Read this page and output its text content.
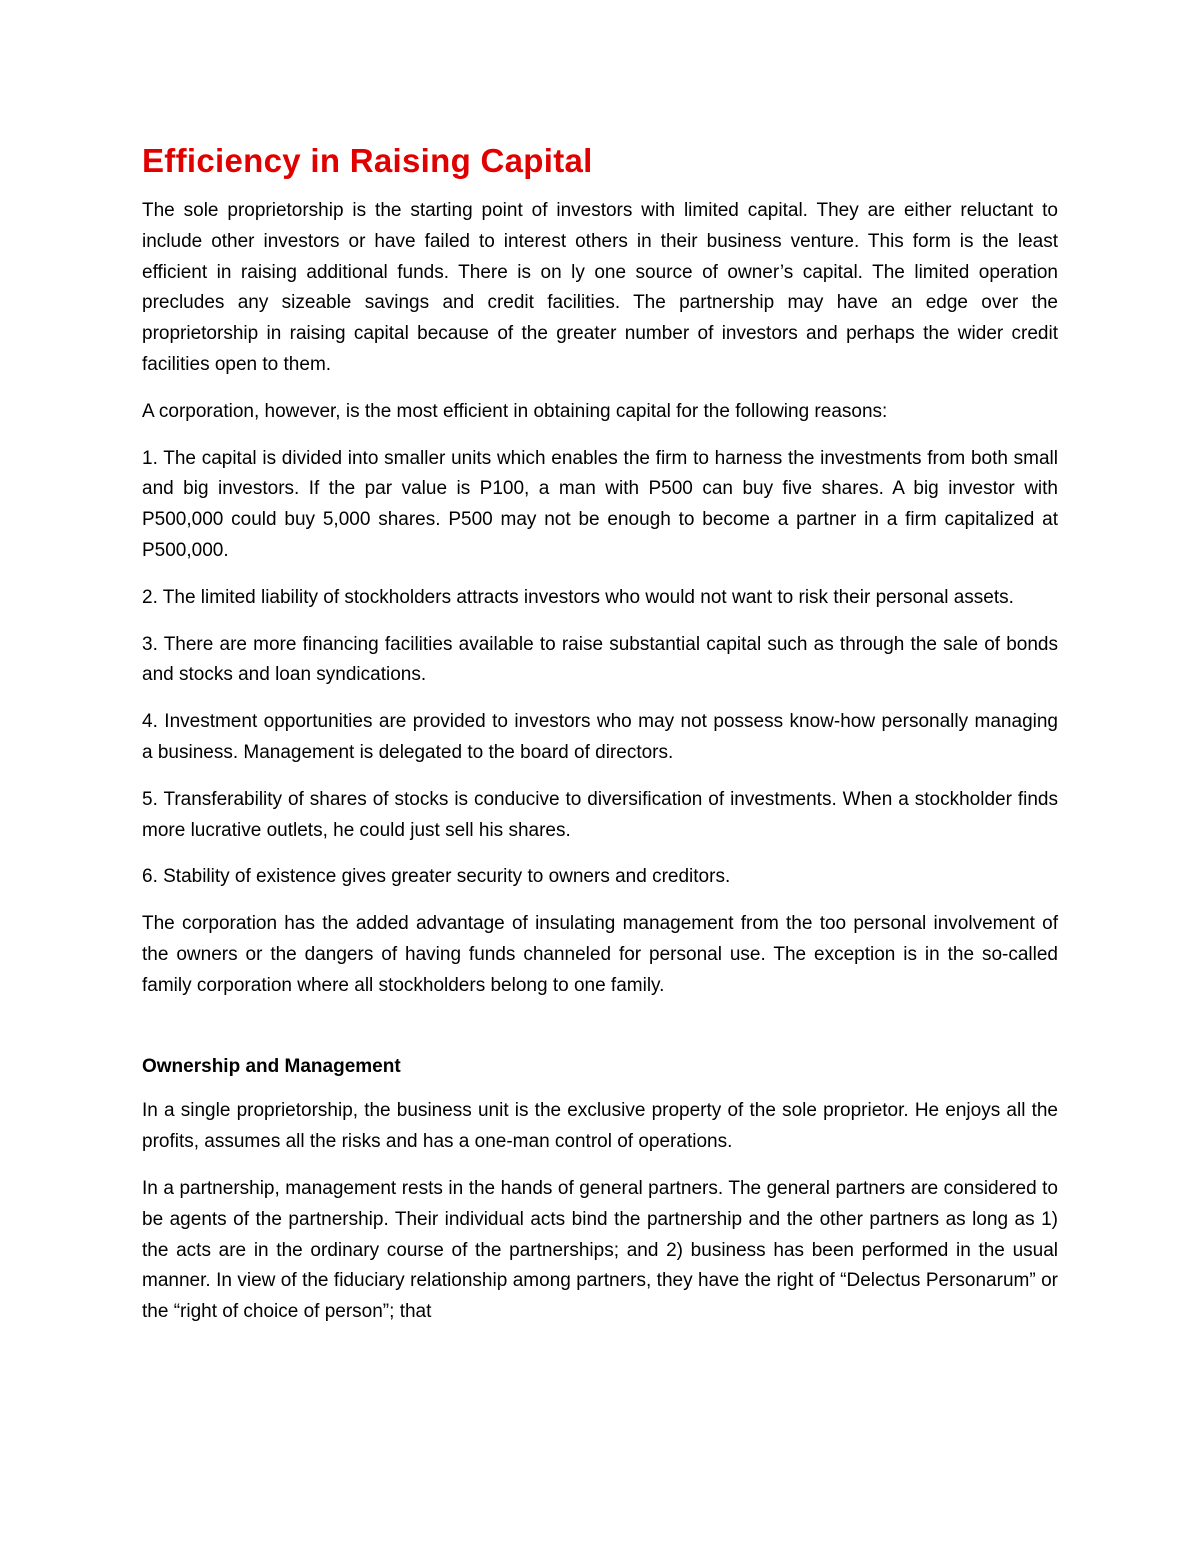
Efficiency in Raising Capital

The sole proprietorship is the starting point of investors with limited capital. They are either reluctant to include other investors or have failed to interest others in their business venture. This form is the least efficient in raising additional funds. There is on ly one source of owner’s capital. The limited operation precludes any sizeable savings and credit facilities. The partnership may have an edge over the proprietorship in raising capital because of the greater number of investors and perhaps the wider credit facilities open to them.

A corporation, however, is the most efficient in obtaining capital for the following reasons:

1. The capital is divided into smaller units which enables the firm to harness the investments from both small and big investors. If the par value is P100, a man with P500 can buy five shares. A big investor with P500,000 could buy 5,000 shares. P500 may not be enough to become a partner in a firm capitalized at P500,000.

2. The limited liability of stockholders attracts investors who would not want to risk their personal assets.

3. There are more financing facilities available to raise substantial capital such as through the sale of bonds and stocks and loan syndications.

4. Investment opportunities are provided to investors who may not possess know-how personally managing a business. Management is delegated to the board of directors.

5. Transferability of shares of stocks is conducive to diversification of investments. When a stockholder finds more lucrative outlets, he could just sell his shares.

6. Stability of existence gives greater security to owners and creditors.

The corporation has the added advantage of insulating management from the too personal involvement of the owners or the dangers of having funds channeled for personal use. The exception is in the so-called family corporation where all stockholders belong to one family.

Ownership and Management

In a single proprietorship, the business unit is the exclusive property of the sole proprietor. He enjoys all the profits, assumes all the risks and has a one-man control of operations.

In a partnership, management rests in the hands of general partners. The general partners are considered to be agents of the partnership. Their individual acts bind the partnership and the other partners as long as 1) the acts are in the ordinary course of the partnerships; and 2) business has been performed in the usual manner. In view of the fiduciary relationship among partners, they have the right of “Delectus Personarum” or the “right of choice of person”; that
